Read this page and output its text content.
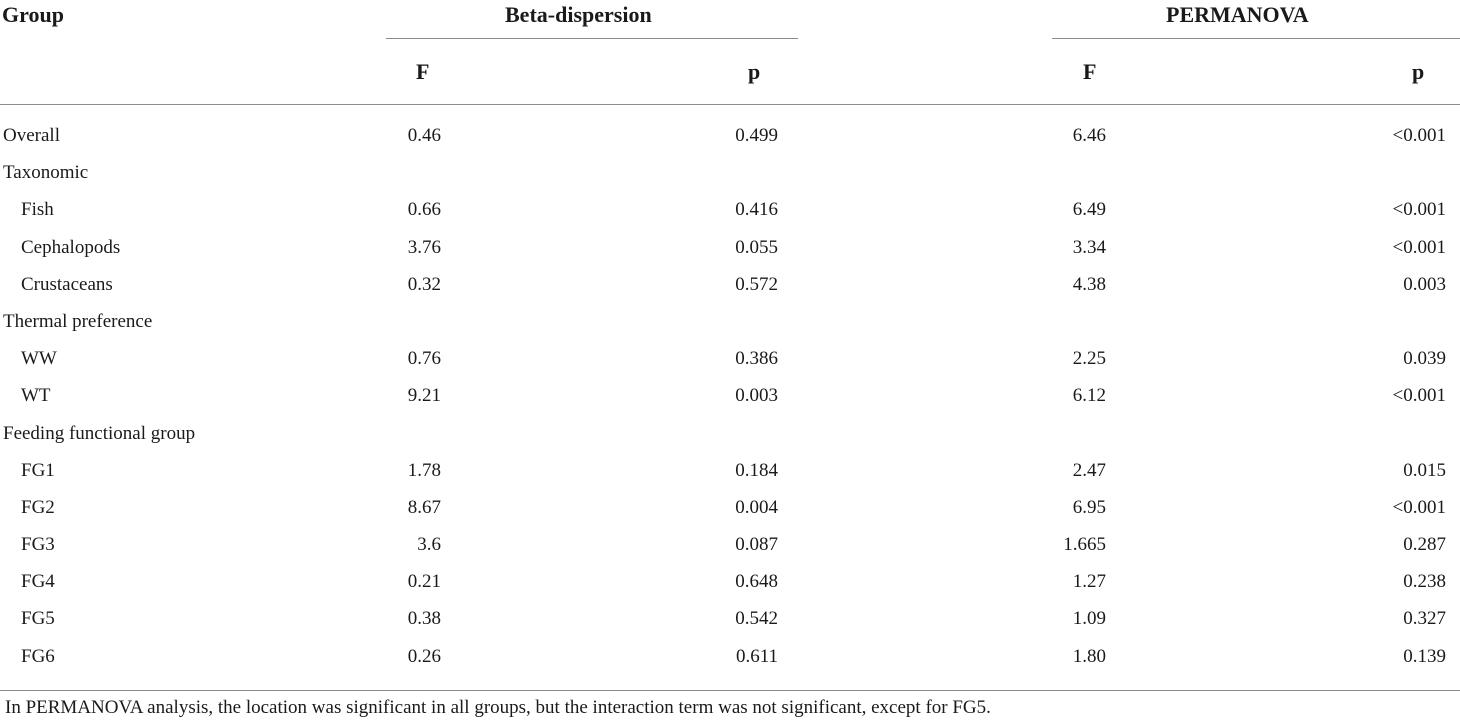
Group	Beta-dispersion	PERMANOVA
F	p	F	p
Overall	0.46	0.499	6.46	<0.001
Taxonomic
Fish	0.66	0.416	6.49	<0.001
Cephalopods	3.76	0.055	3.34	<0.001
Crustaceans	0.32	0.572	4.38	0.003
Thermal preference
WW	0.76	0.386	2.25	0.039
WT	9.21	0.003	6.12	<0.001
Feeding functional group
FG1	1.78	0.184	2.47	0.015
FG2	8.67	0.004	6.95	<0.001
FG3	3.6	0.087	1.665	0.287
FG4	0.21	0.648	1.27	0.238
FG5	0.38	0.542	1.09	0.327
FG6	0.26	0.611	1.80	0.139
In PERMANOVA analysis, the location was significant in all groups, but the interaction term was not significant, except for FG5.
